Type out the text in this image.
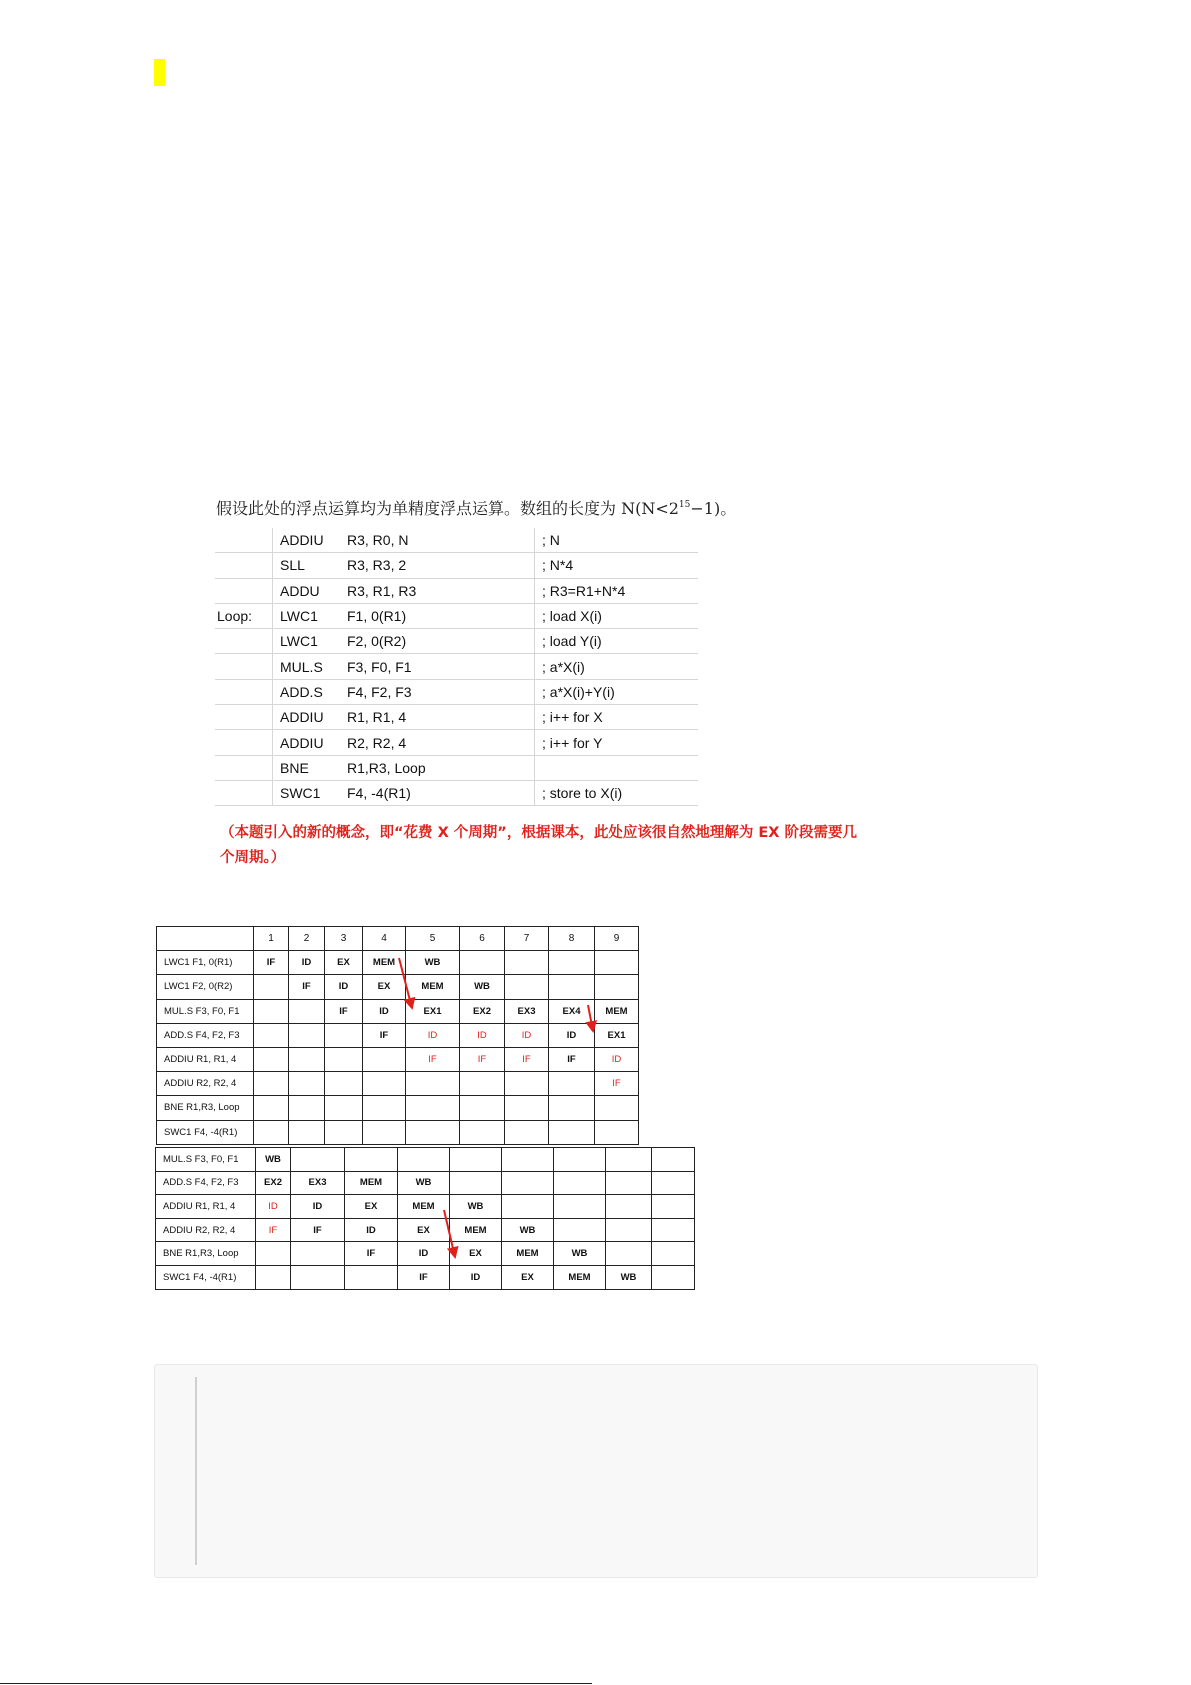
假设此处的浮点运算均为单精度浮点运算。数组的长度为 $N(N<2^{15}-1)$。
	ADDIU	R3, R0, N	; N
	SLL	R3, R3, 2	; N*4
	ADDU	R3, R1, R3	; R3=R1+N*4
Loop:	LWC1	F1, 0(R1)	; load X(i)
	LWC1	F2, 0(R2)	; load Y(i)
	MUL.S	F3, F0, F1	; a*X(i)
	ADD.S	F4, F2, F3	; a*X(i)+Y(i)
	ADDIU	R1, R1, 4	; i++ for X
	ADDIU	R2, R2, 4	; i++ for Y
	BNE	R1,R3, Loop	
	SWC1	F4, -4(R1)	; store to X(i)
（本题引入的新的概念，即“花费 X 个周期”，根据课本，此处应该很自然地理解为 EX 阶段需要几个周期。）
	1	2	3	4	5	6	7	8	9
LWC1 F1, 0(R1)	IF	ID	EX	MEM	WB				
LWC1 F2, 0(R2)		IF	ID	EX	MEM	WB			
MUL.S F3, F0, F1			IF	ID	EX1	EX2	EX3	EX4	MEM
ADD.S F4, F2, F3				IF	ID	ID	ID	ID	EX1
ADDIU R1, R1, 4					IF	IF	IF	IF	ID
ADDIU R2, R2, 4									IF
BNE R1,R3, Loop									
SWC1 F4, -4(R1)									
MUL.S F3, F0, F1	WB								
ADD.S F4, F2, F3	EX2	EX3	MEM	WB					
ADDIU R1, R1, 4	ID	ID	EX	MEM	WB				
ADDIU R2, R2, 4	IF	IF	ID	EX	MEM	WB			
BNE R1,R3, Loop			IF	ID	EX	MEM	WB		
SWC1 F4, -4(R1)				IF	ID	EX	MEM	WB	
